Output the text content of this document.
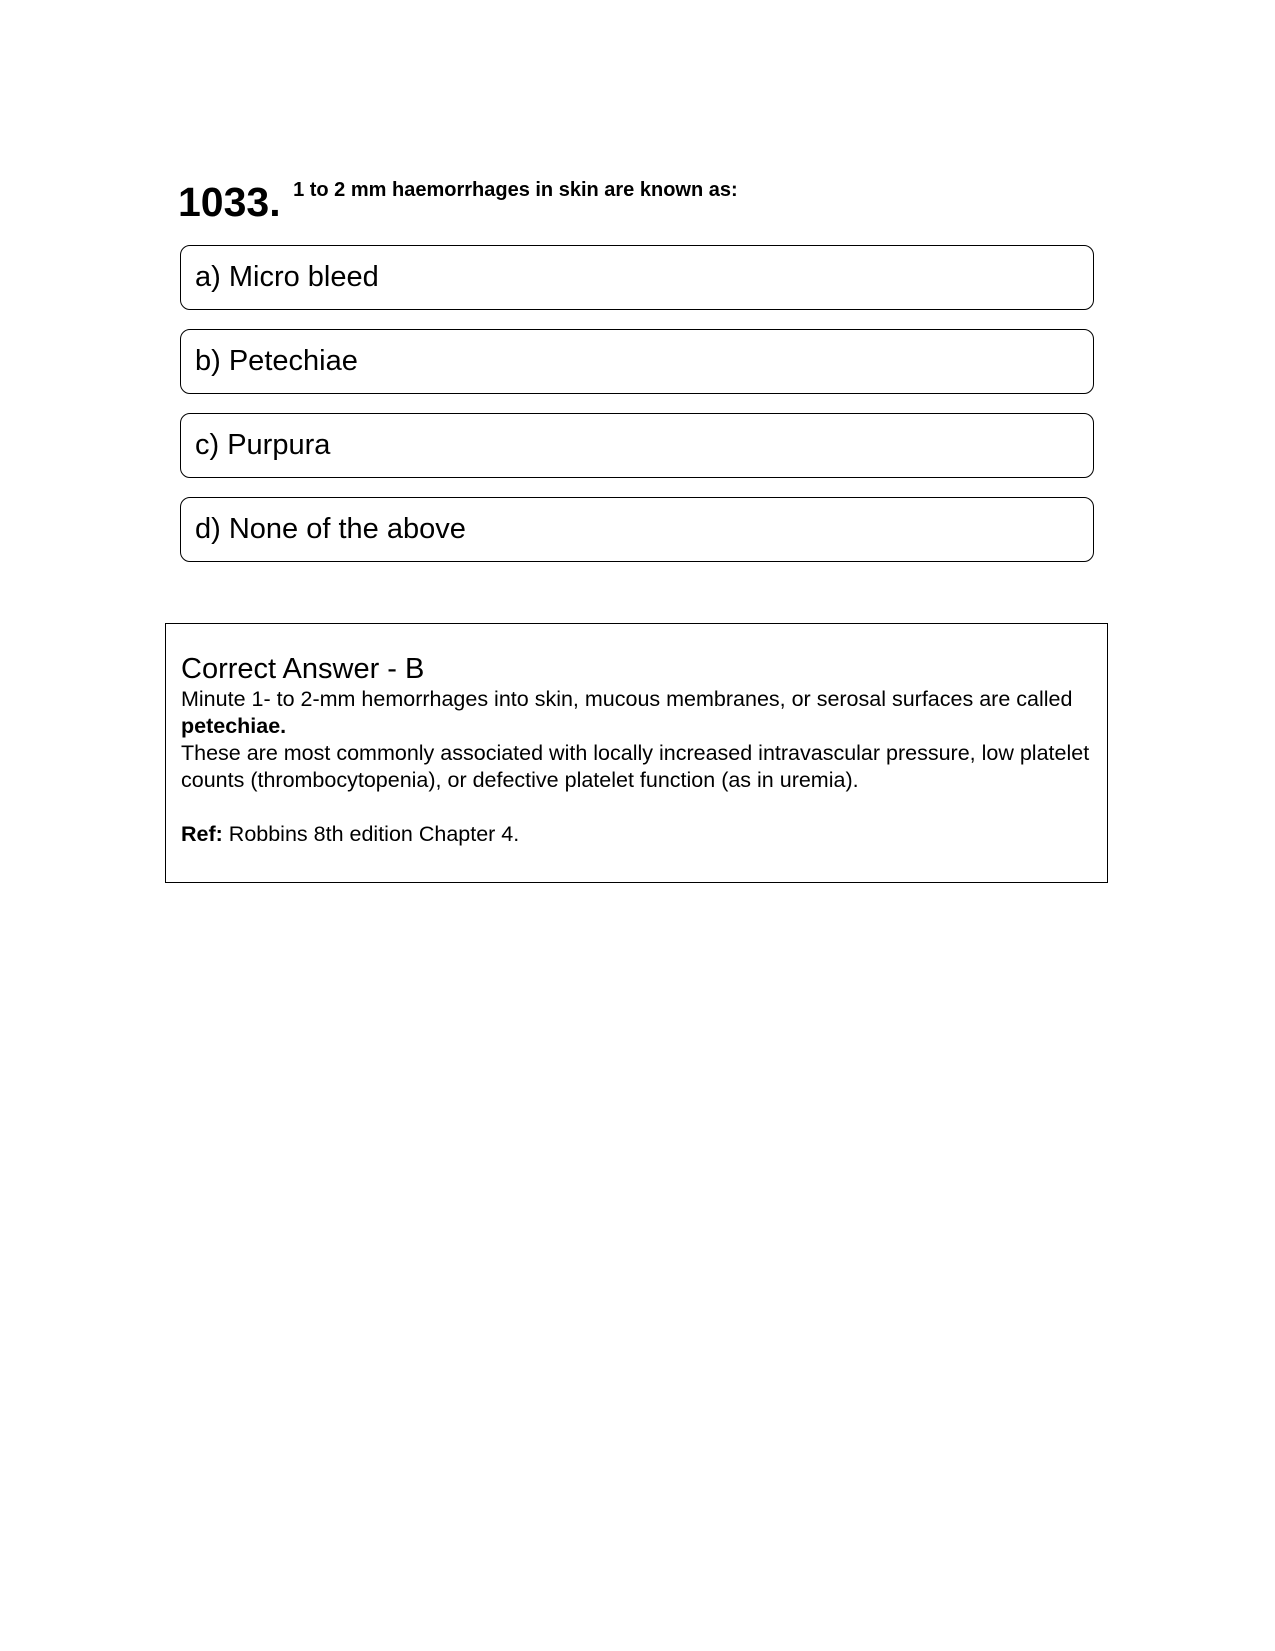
1033. 1 to 2 mm haemorrhages in skin are known as:
a) Micro bleed
b) Petechiae
c) Purpura
d) None of the above
Correct Answer - B
Minute 1- to 2-mm hemorrhages into skin, mucous membranes, or serosal surfaces are called petechiae.
These are most commonly associated with locally increased intravascular pressure, low platelet counts (thrombocytopenia), or defective platelet function (as in uremia).
Ref: Robbins 8th edition Chapter 4.
